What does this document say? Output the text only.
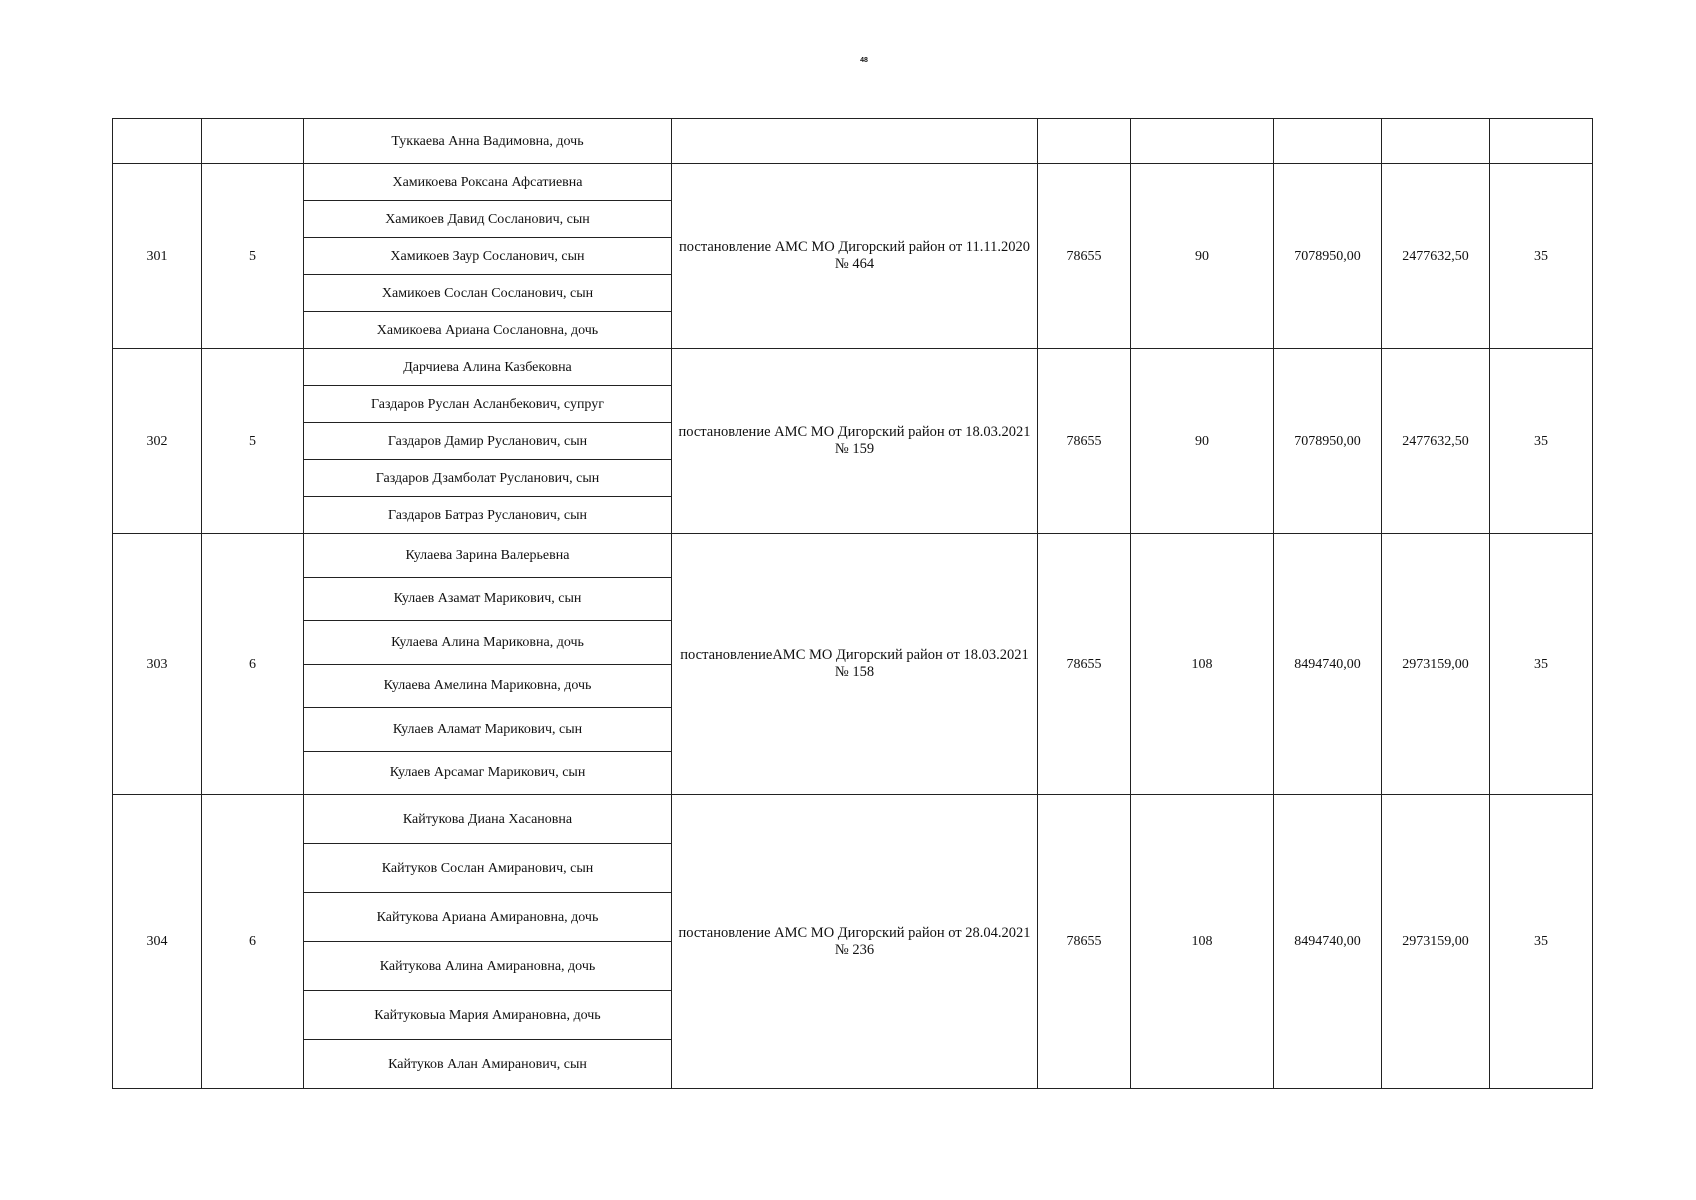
48
		Туккаева Анна Вадимовна, дочь						
301	5	Хамикоева Роксана Афсатиевна	постановление АМС МО Дигорский район от 11.11.2020 № 464	78655	90	7078950,00	2477632,50	35
		Хамикоев Давид Сосланович, сын						
		Хамикоев Заур Сосланович, сын						
		Хамикоев Сослан Сосланович, сын						
		Хамикоева Ариана Сослановна, дочь						
302	5	Дарчиева Алина Казбековна	постановление АМС МО Дигорский район от 18.03.2021 № 159	78655	90	7078950,00	2477632,50	35
		Газдаров Руслан Асланбекович, супруг						
		Газдаров Дамир Русланович, сын						
		Газдаров Дзамболат Русланович, сын						
		Газдаров Батраз Русланович, сын						
303	6	Кулаева Зарина Валерьевна	постановлениеАМС МО Дигорский район от 18.03.2021 № 158	78655	108	8494740,00	2973159,00	35
		Кулаев Азамат Марикович, сын						
		Кулаева Алина Мариковна, дочь						
		Кулаева Амелина Мариковна, дочь						
		Кулаев Аламат Марикович, сын						
		Кулаев Арсамаг Марикович, сын						
304	6	Кайтукова Диана Хасановна	постановление АМС МО Дигорский район от 28.04.2021 № 236	78655	108	8494740,00	2973159,00	35
		Кайтуков Сослан Амиранович, сын						
		Кайтукова Ариана Амирановна, дочь						
		Кайтукова Алина Амирановна, дочь						
		Кайтуковыа Мария Амирановна, дочь						
		Кайтуков Алан Амиранович, сын						
